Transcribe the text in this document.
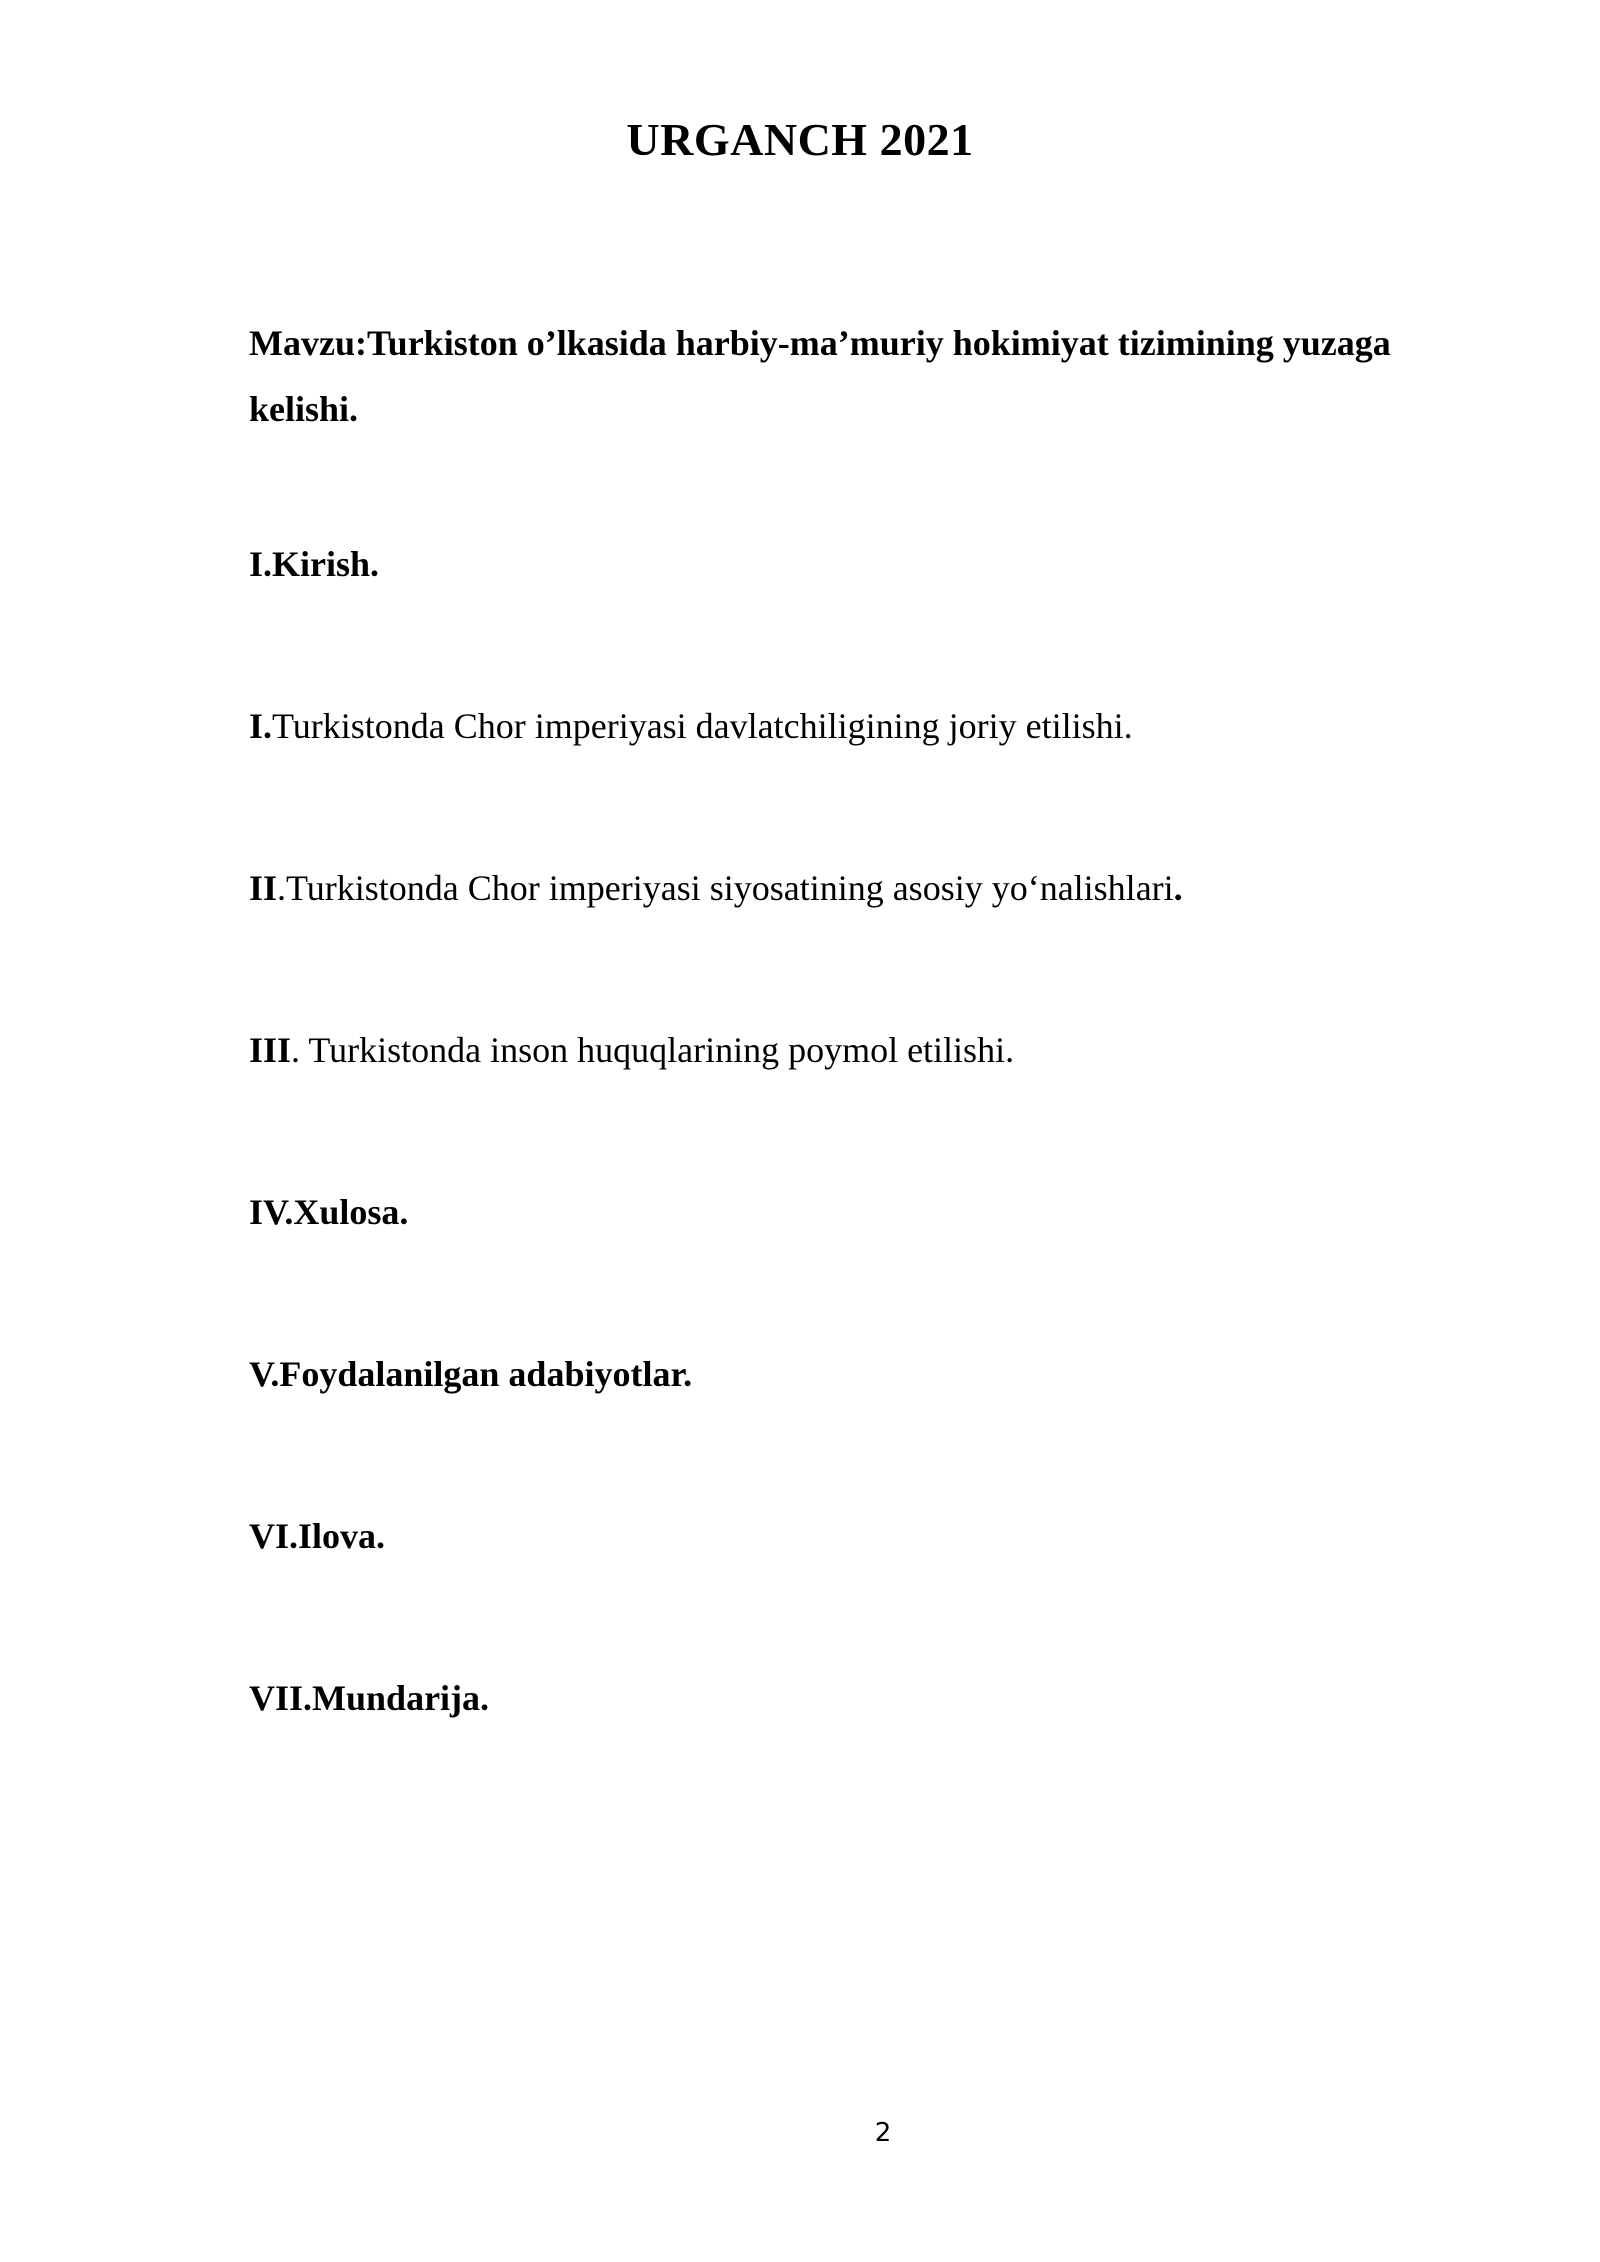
URGANCH 2021
Mavzu:Turkiston o’lkasida harbiy-ma’muriy hokimiyat tizimining yuzaga kelishi.
I.Kirish.
I.Turkistonda Chor imperiyasi davlatchiligining joriy etilishi.
II.Turkistonda Chor imperiyasi siyosatining asosiy yo‘nalishlari.
III. Turkistonda inson huquqlarining poymol etilishi.
IV.Xulosa.
V.Foydalanilgan adabiyotlar.
VI.Ilova.
VII.Mundarija.
2
